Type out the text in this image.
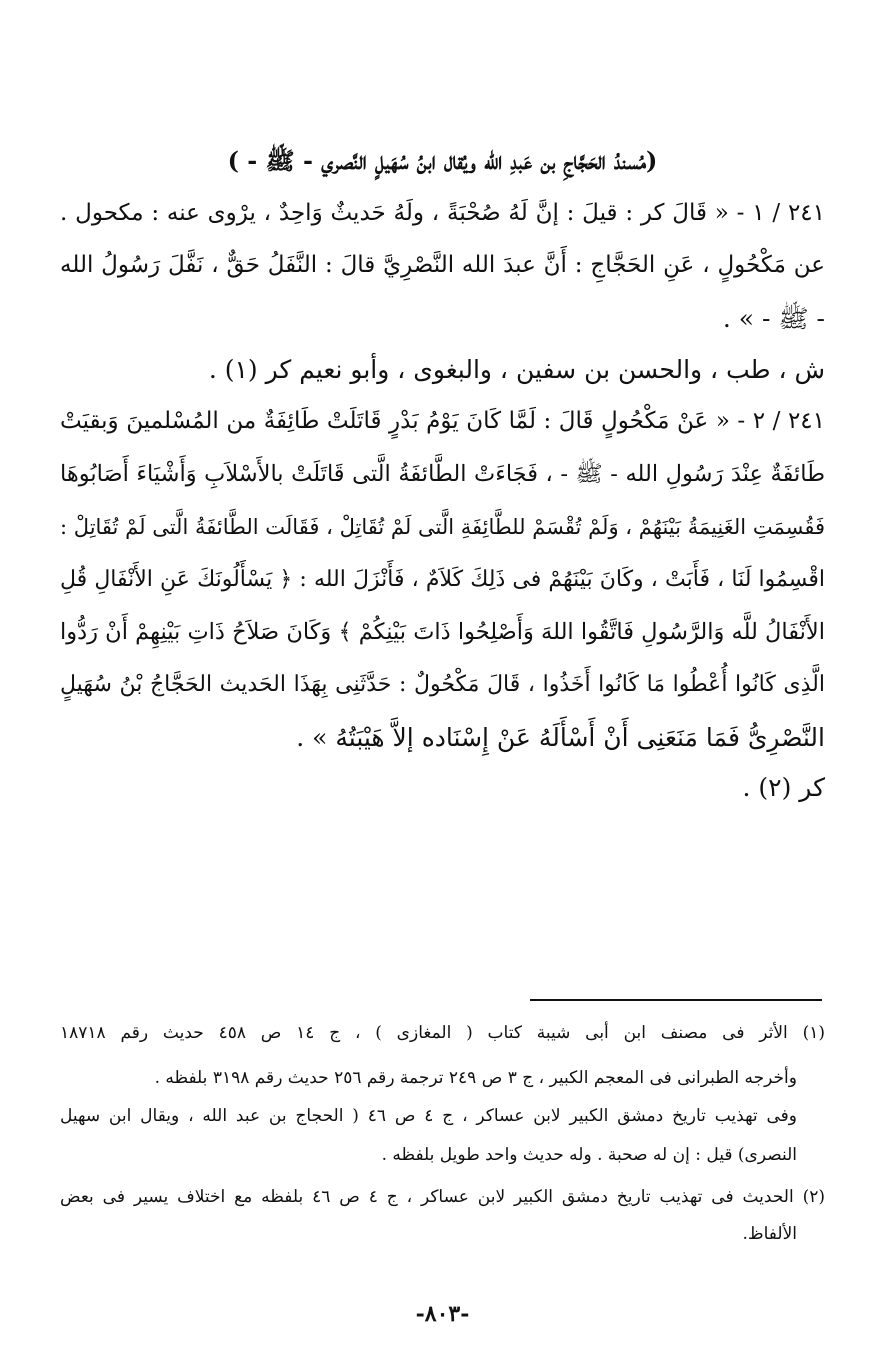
(مُسندُ الحَجَّاجِ بن عَبدِ الله ويُقال ابنُ سُهَيلٍ النَّصري - ﷺ - )
٢٤١ / ١ - « قَالَ كر : قيلَ : إنَّ لَهُ صُحْبَةً ، ولَهُ حَديثٌ وَاحِدٌ ، يرْوى عنه : مكحول .
عن مَكْحُولٍ ، عَنِ الحَجَّاجِ : أَنَّ عبدَ الله النَّصْرِيَّ قالَ : النَّفَلُ حَقٌّ ، نَفَّلَ رَسُولُ الله
- ﷺ - » .
ش ، طب ، والحسن بن سفين ، والبغوى ، وأبو نعيم كر (١) .
٢٤١ / ٢ - « عَنْ مَكْحُولٍ قَالَ : لَمَّا كَانَ يَوْمُ بَدْرٍ قَاتَلَتْ طَائِفَةٌ من المُسْلمينَ وَبقيَتْ
طَائفَةٌ عِنْدَ رَسُولِ الله - ﷺ - ، فَجَاءَتْ الطَّائفَةُ الَّتى قَاتَلَتْ بالأَسْلاَبِ وَأَشْيَاءَ أَصَابُوهَا
فَقُسِمَتِ الغَنِيمَةُ بَيْنَهُمْ ، وَلَمْ تُقْسَمْ للطَّائِفَةِ الَّتى لَمْ تُقَاتِلْ ، فَقَالَت الطَّائفَةُ الَّتى لَمْ تُقَاتِلْ :
اقْسِمُوا لَنَا ، فَأَبَتْ ، وكَانَ بَيْنَهُمْ فى ذَلِكَ كَلاَمٌ ، فَأَنْزَلَ الله : ﴿ يَسْأَلُونَكَ عَنِ الأَنْفَالِ قُلِ
الأَنْفَالُ للَّه وَالرَّسُولِ فَاتَّقُوا اللهَ وَأَصْلِحُوا ذَاتَ بَيْنِكُمْ ﴾ وَكَانَ صَلاَحُ ذَاتِ بَيْنِهِمْ أَنْ رَدُّوا
الَّذِى كَانُوا أُعْطُوا مَا كَانُوا أَخَذُوا ، قَالَ مَكْحُولٌ : حَدَّثَنِى بِهَذَا الحَديث الحَجَّاجُ بْنُ سُهَيلٍ
النَّصْرِىُّ فَمَا مَنَعَنِى أَنْ أَسْأَلَهُ عَنْ إِسْنَاده إلاَّ هَيْبَتُهُ » .
كر (٢) .
(١) الأثر فى مصنف ابن أبى شيبة كتاب ( المغازى ) ، ج ١٤ ص ٤٥٨ حديث رقم ١٨٧١٨
وأخرجه الطبرانى فى المعجم الكبير ، ج ٣ ص ٢٤٩ ترجمة رقم ٢٥٦ حديث رقم ٣١٩٨ بلفظه .
وفى تهذيب تاريخ دمشق الكبير لابن عساكر ، ج ٤ ص ٤٦ ( الحجاج بن عبد الله ، ويقال ابن سهيل
النصرى) قيل : إن له صحبة . وله حديث واحد طويل بلفظه .
(٢) الحديث فى تهذيب تاريخ دمشق الكبير لابن عساكر ، ج ٤ ص ٤٦ بلفظه مع اختلاف يسير فى بعض
الألفاظ.
-٨٠٣-
